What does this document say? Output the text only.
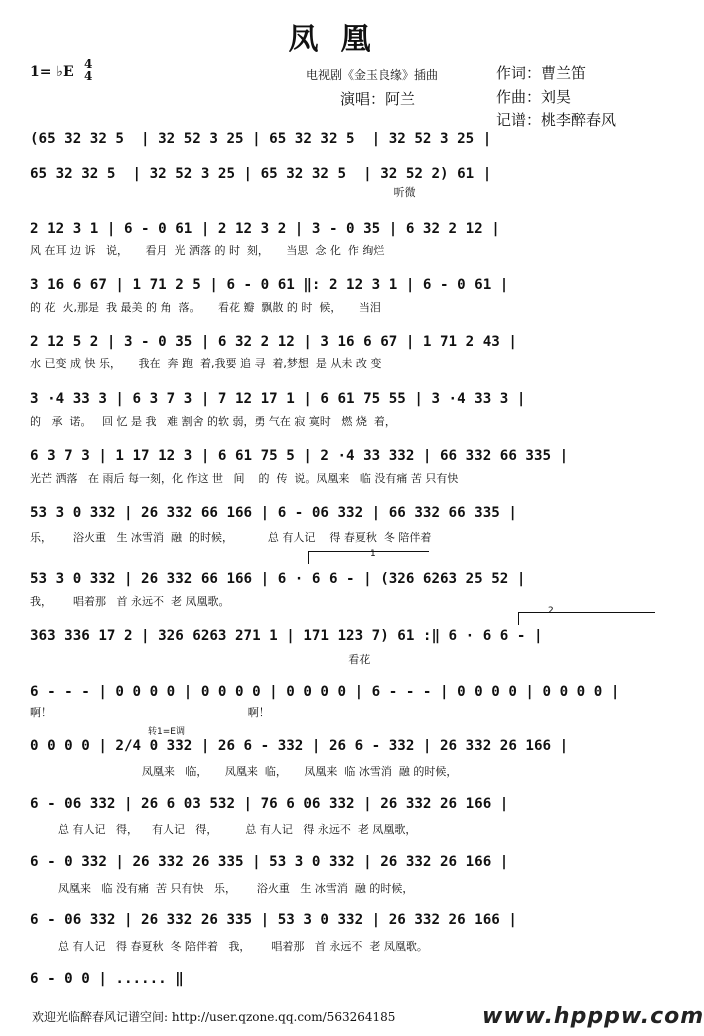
凤凰
1= ♭E 4
4	电视剧《金玉良缘》插曲
演唱：阿兰
作词：曹兰笛
作曲：刘昊
记谱：桃李醉春风
(65 32 32 5  | 32 52 3 25 | 65 32 32 5  | 32 52 3 25 |
65 32 32 5  | 32 52 3 25 | 65 32 32 5  | 32 52 2) 61 |
听微
2 12 3 1 | 6 - 0 61 | 2 12 3 2 | 3 - 0 35 | 6 32 2 12 |
风 在耳 边 诉   说，     看月  光 洒落 的 时  刻，     当思  念 化  作 绚烂
3 16 6 67 | 1 71 2 5 | 6 - 0 61 ‖: 2 12 3 1 | 6 - 0 61 |
的 花  火,那是  我 最美 的 角  落。     看花 瓣  飘散 的 时  候，     当泪
2 12 5 2 | 3 - 0 35 | 6 32 2 12 | 3 16 6 67 | 1 71 2 43 |
水 已变 成 快 乐，     我在  奔 跑  着,我要 追 寻  着,梦想  是 从未 改 变
3 ·4 33 3 | 6 3 7 3 | 7 12 17 1 | 6 61 75 55 | 3 ·4 33 3 |
的   承  诺。   回 忆 是 我   难 割舍 的软 弱，勇 气在 寂 寞时   燃 烧  着，
6 3 7 3 | 1 17 12 3 | 6 61 75 5 | 2 ·4 33 332 | 66 332 66 335 |
光芒 洒落   在 雨后 每一刻，化 作这 世   间    的  传  说。凤凰来   临 没有痛 苦 只有快
53 3 0 332 | 26 332 66 166 | 6 - 06 332 | 66 332 66 335 |
乐，      浴火重   生 冰雪消  融  的时候，          总 有人记    得 春夏秋  冬 陪伴着
1
53 3 0 332 | 26 332 66 166 | 6 · 6 6 - | (326 6263 25 52 |
我，      唱着那   首 永远不  老 凤凰歌。
2
363 336 17 2 | 326 6263 271 1 | 171 123 7) 61 :‖ 6 · 6 6 - |
看花
6 - - - | 0 0 0 0 | 0 0 0 0 | 0 0 0 0 | 6 - - - | 0 0 0 0 | 0 0 0 0 |
啊！                                                        啊！
转1=E调
0 0 0 0 | 2/4 0 332 | 26 6 - 332 | 26 6 - 332 | 26 332 26 166 |
凤凰来   临，     凤凰来  临，     凤凰来  临 冰雪消  融 的时候，
6 - 06 332 | 26 6 03 532 | 76 6 06 332 | 26 332 26 166 |
总 有人记   得，    有人记   得，        总 有人记   得 永远不  老 凤凰歌，
6 - 0 332 | 26 332 26 335 | 53 3 0 332 | 26 332 26 166 |
凤凰来   临 没有痛  苦 只有快   乐，      浴火重   生 冰雪消  融 的时候，
6 - 06 332 | 26 332 26 335 | 53 3 0 332 | 26 332 26 166 |
总 有人记   得 春夏秋  冬 陪伴着   我，      唱着那   首 永远不  老 凤凰歌。
6 - 0 0 | ...... ‖
欢迎光临醉春风记谱空间: http://user.qzone.qq.com/563264185	www.hpppw.com
